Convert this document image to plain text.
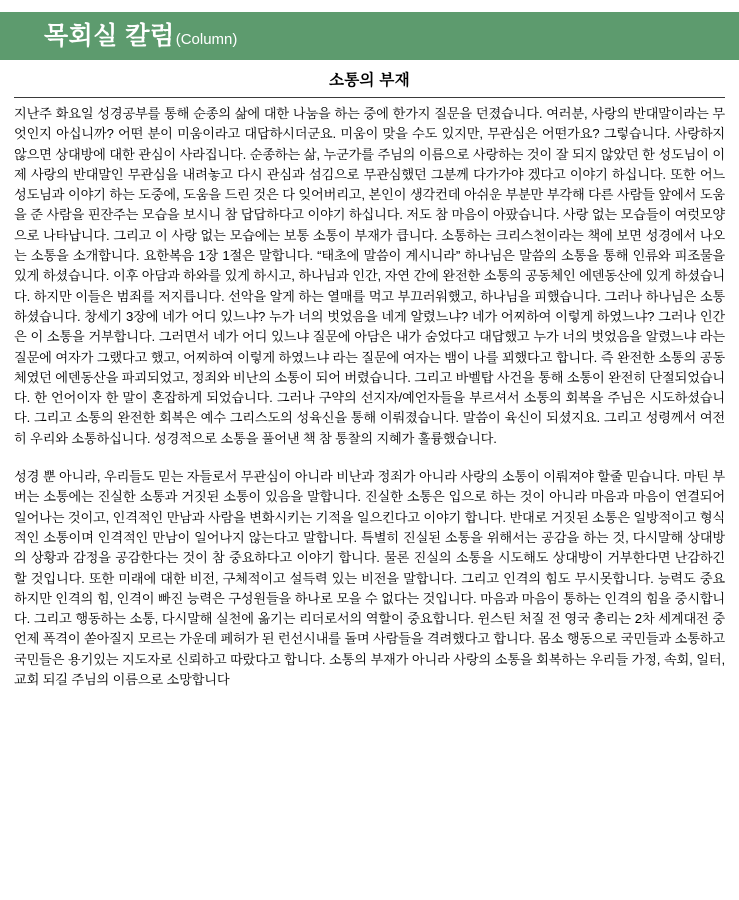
목회실 칼럼 (Column)
소통의 부재

지난주 화요일 성경공부를 통해 순종의 삶에 대한 나눔을 하는 중에 한가지 질문을 던졌습니다. 여러분, 사랑의 반대말이라는 무엇인지 아십니까? 어떤 분이 미움이라고 대답하시더군요. 미움이 맞을 수도 있지만, 무관심은 어떤가요? 그렇습니다. 사랑하지 않으면 상대방에 대한 관심이 사라집니다. 순종하는 삶, 누군가를 주님의 이름으로 사랑하는 것이 잘 되지 않았던 한 성도님이 이제 사랑의 반대말인 무관심을 내려놓고 다시 관심과 섬김으로 무관심했던 그분께 다가가야 겠다고 이야기 하십니다. 또한 어느 성도님과 이야기 하는 도중에, 도움을 드린 것은 다 잊어버리고, 본인이 생각컨데 아쉬운 부분만 부각해 다른 사람들 앞에서 도움을 준 사람을 핀잔주는 모습을 보시니 참 답답하다고 이야기 하십니다. 저도 참 마음이 아팠습니다. 사랑 없는 모습들이 여럿모양으로 나타납니다. 그리고 이 사랑 없는 모습에는 보통 소통이 부재가 큽니다. 소통하는 크리스천이라는 책에 보면 성경에서 나오는 소통을 소개합니다. 요한복음 1장 1절은 말합니다. “태초에 말씀이 계시니라” 하나님은 말씀의 소통을 통해 인류와 피조물을 있게 하셨습니다. 이후 아담과 하와를 있게 하시고, 하나님과 인간, 자연 간에 완전한 소통의 공동체인 에덴동산에 있게 하셨습니다. 하지만 이들은 범죄를 저지릅니다. 선악을 알게 하는 열매를 먹고 부끄러워했고, 하나님을 피했습니다. 그러나 하나님은 소통하셨습니다. 창세기 3장에 네가 어디 있느냐? 누가 너의 벗었음을 네게 알렸느냐? 네가 어찌하여 이렇게 하였느냐? 그러나 인간은 이 소통을 거부합니다. 그러면서 네가 어디 있느냐 질문에 아담은 내가 숨었다고 대답했고 누가 너의 벗었음을 알렸느냐 라는 질문에 여자가 그랬다고 했고, 어찌하여 이렇게 하였느냐 라는 질문에 여자는 뱀이 나를 꾀했다고 합니다. 즉 완전한 소통의 공동체였던 에덴동산을 파괴되었고, 정죄와 비난의 소통이 되어 버렸습니다. 그리고 바벨탑 사건을 통해 소통이 완전히 단절되었습니다. 한 언어이자 한 말이 혼잡하게 되었습니다. 그러나 구약의 선지자/예언자들을 부르셔서 소통의 회복을 주님은 시도하셨습니다. 그리고 소통의 완전한 회복은 예수 그리스도의 성육신을 통해 이뤄졌습니다. 말씀이 육신이 되셨지요. 그리고 성령께서 여전히 우리와 소통하십니다. 성경적으로 소통을 풀어낸 책 참 통찰의 지혜가 훌륭했습니다.

성경 뿐 아니라, 우리들도 믿는 자들로서 무관심이 아니라 비난과 정죄가 아니라 사랑의 소통이 이뤄져야 할줄 믿습니다. 마틴 부버는 소통에는 진실한 소통과 거짓된 소통이 있음을 말합니다. 진실한 소통은 입으로 하는 것이 아니라 마음과 마음이 연결되어 일어나는 것이고, 인격적인 만남과 사람을 변화시키는 기적을 일으킨다고 이야기 합니다. 반대로 거짓된 소통은 일방적이고 형식적인 소통이며 인격적인 만남이 일어나지 않는다고 말합니다. 특별히 진실된 소통을 위해서는 공감을 하는 것, 다시말해 상대방의 상황과 감정을 공감한다는 것이 참 중요하다고 이야기 합니다. 물론 진실의 소통을 시도해도 상대방이 거부한다면 난감하긴 할 것입니다. 또한 미래에 대한 비전, 구체적이고 설득력 있는 비전을 말합니다. 그리고 인격의 힘도 무시못합니다. 능력도 중요하지만 인격의 힘, 인격이 빠진 능력은 구성원들을 하나로 모을 수 없다는 것입니다. 마음과 마음이 통하는 인격의 힘을 중시합니다. 그리고 행동하는 소통, 다시말해 실천에 옮기는 리더로서의 역할이 중요합니다. 윈스틴 처질 전 영국 총리는 2차 세계대전 중 언제 폭격이 쏟아질지 모르는 가운데 페허가 된 런선시내를 돌며 사람들을 격려했다고 합니다. 몸소 행동으로 국민들과 소통하고 국민들은 용기있는 지도자로 신뢰하고 따랐다고 합니다. 소통의 부재가 아니라 사랑의 소통을 회복하는 우리들 가정, 속회, 일터, 교회 되길 주님의 이름으로 소망합니다
